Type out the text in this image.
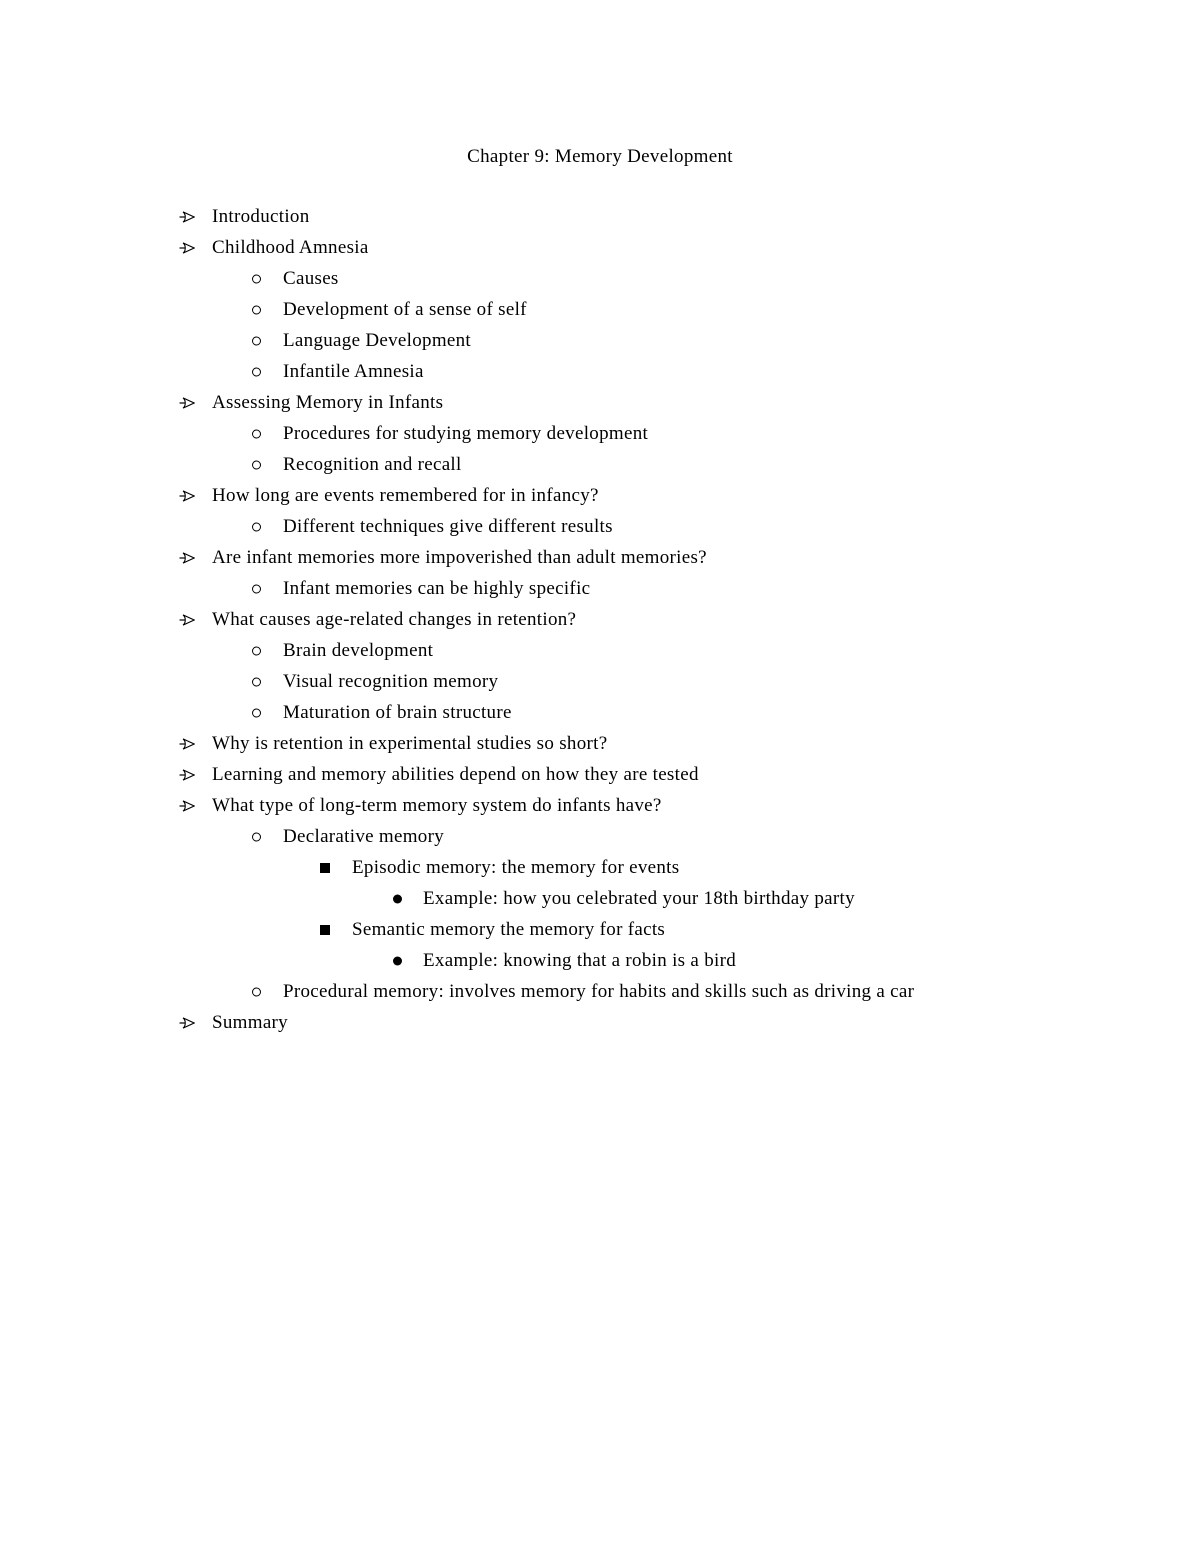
Chapter 9: Memory Development
Introduction
Childhood Amnesia
Causes
Development of a sense of self
Language Development
Infantile Amnesia
Assessing Memory in Infants
Procedures for studying memory development
Recognition and recall
How long are events remembered for in infancy?
Different techniques give different results
Are infant memories more impoverished than adult memories?
Infant memories can be highly specific
What causes age-related changes in retention?
Brain development
Visual recognition memory
Maturation of brain structure
Why is retention in experimental studies so short?
Learning and memory abilities depend on how they are tested
What type of long-term memory system do infants have?
Declarative memory
Episodic memory: the memory for events
Example: how you celebrated your 18th birthday party
Semantic memory the memory for facts
Example: knowing that a robin is a bird
Procedural memory: involves memory for habits and skills such as driving a car
Summary
